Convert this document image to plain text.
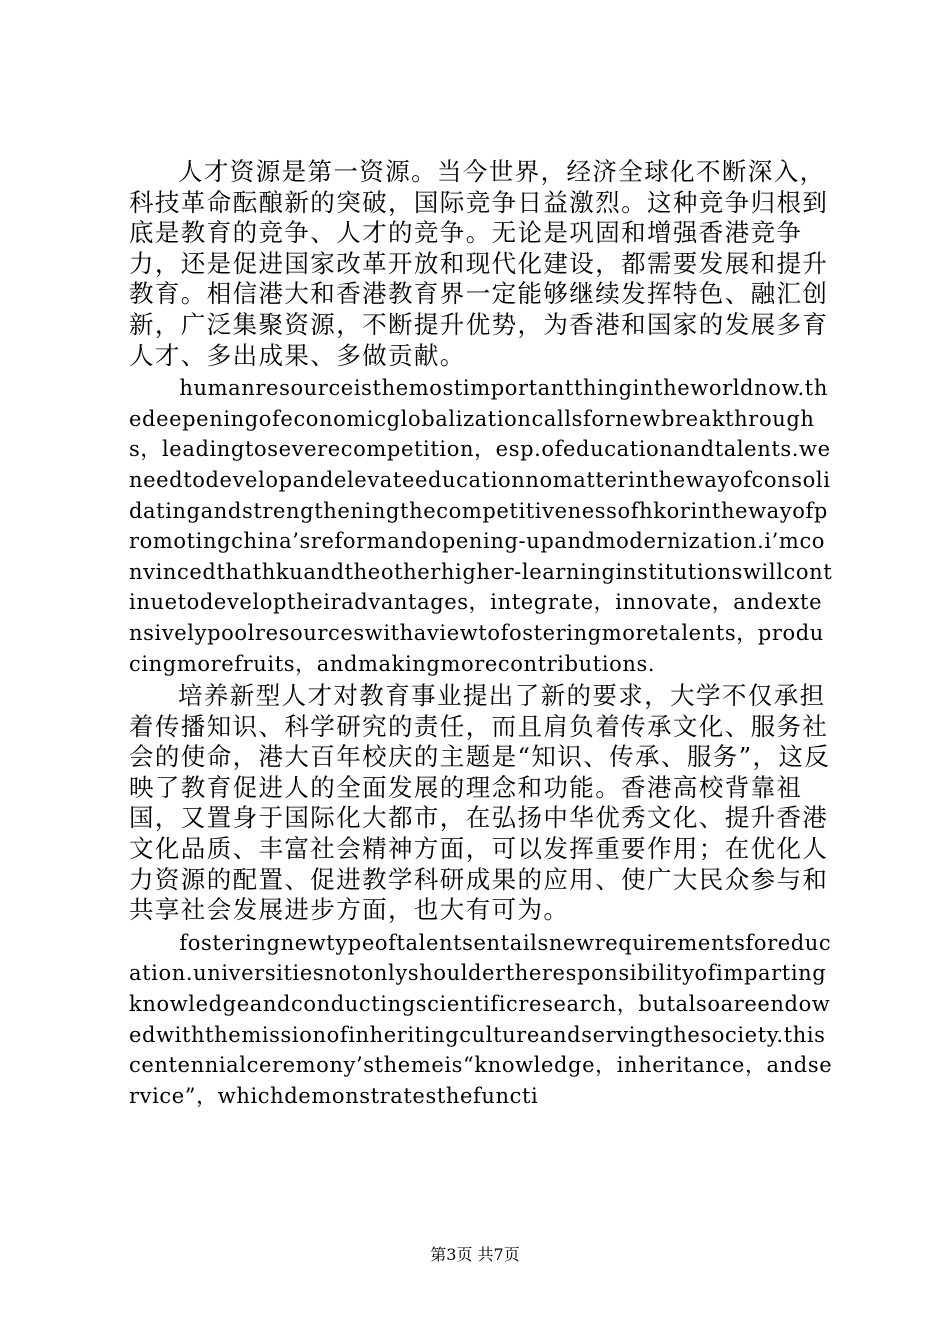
人才资源是第一资源。当今世界，经济全球化不断深入，科技革命酝酿新的突破，国际竞争日益激烈。这种竞争归根到底是教育的竞争、人才的竞争。无论是巩固和增强香港竞争力，还是促进国家改革开放和现代化建设，都需要发展和提升教育。相信港大和香港教育界一定能够继续发挥特色、融汇创新，广泛集聚资源，不断提升优势，为香港和国家的发展多育人才、多出成果、多做贡献。

humanresourceisthemostimportantthingintheworldnow.thedeepeningofeconomicglobalizationcallsfornewbreakthroughs，leadingtoseverecompetition，esp.ofeducationandtalents.weneedtodevelopandelevateeducationnomatterinthewayofconsolidatingandstrengtheningthecompetitivenessofhkorinthewayofpromotingchina’sreformandopening-upandmodernization.i’mconvincedthathkuandtheotherhigher-learninginstitutionswillcontinuetodeveloptheiradvantages，integrate，innovate，andextensivelypoolresourceswithaviewtofosteringmoretalents，producingmorefruits，andmakingmorecontributions.

培养新型人才对教育事业提出了新的要求，大学不仅承担着传播知识、科学研究的责任，而且肩负着传承文化、服务社会的使命，港大百年校庆的主题是“知识、传承、服务”，这反映了教育促进人的全面发展的理念和功能。香港高校背靠祖国，又置身于国际化大都市，在弘扬中华优秀文化、提升香港文化品质、丰富社会精神方面，可以发挥重要作用；在优化人力资源的配置、促进教学科研成果的应用、使广大民众参与和共享社会发展进步方面，也大有可为。

fosteringnewtypeoftalentsentailsnewrequirementsforeducation.universitiesnotonlyshouldertheresponsibilityofimpartingknowledgeandconductingscientificresearch，butalsoareendowedwiththemissionofinheritingcultureandservingthesociety.thiscentennialceremony’sthemeis“knowledge，inheritance，andservice”，whichdemonstratesthefuncti

第3页 共7页
